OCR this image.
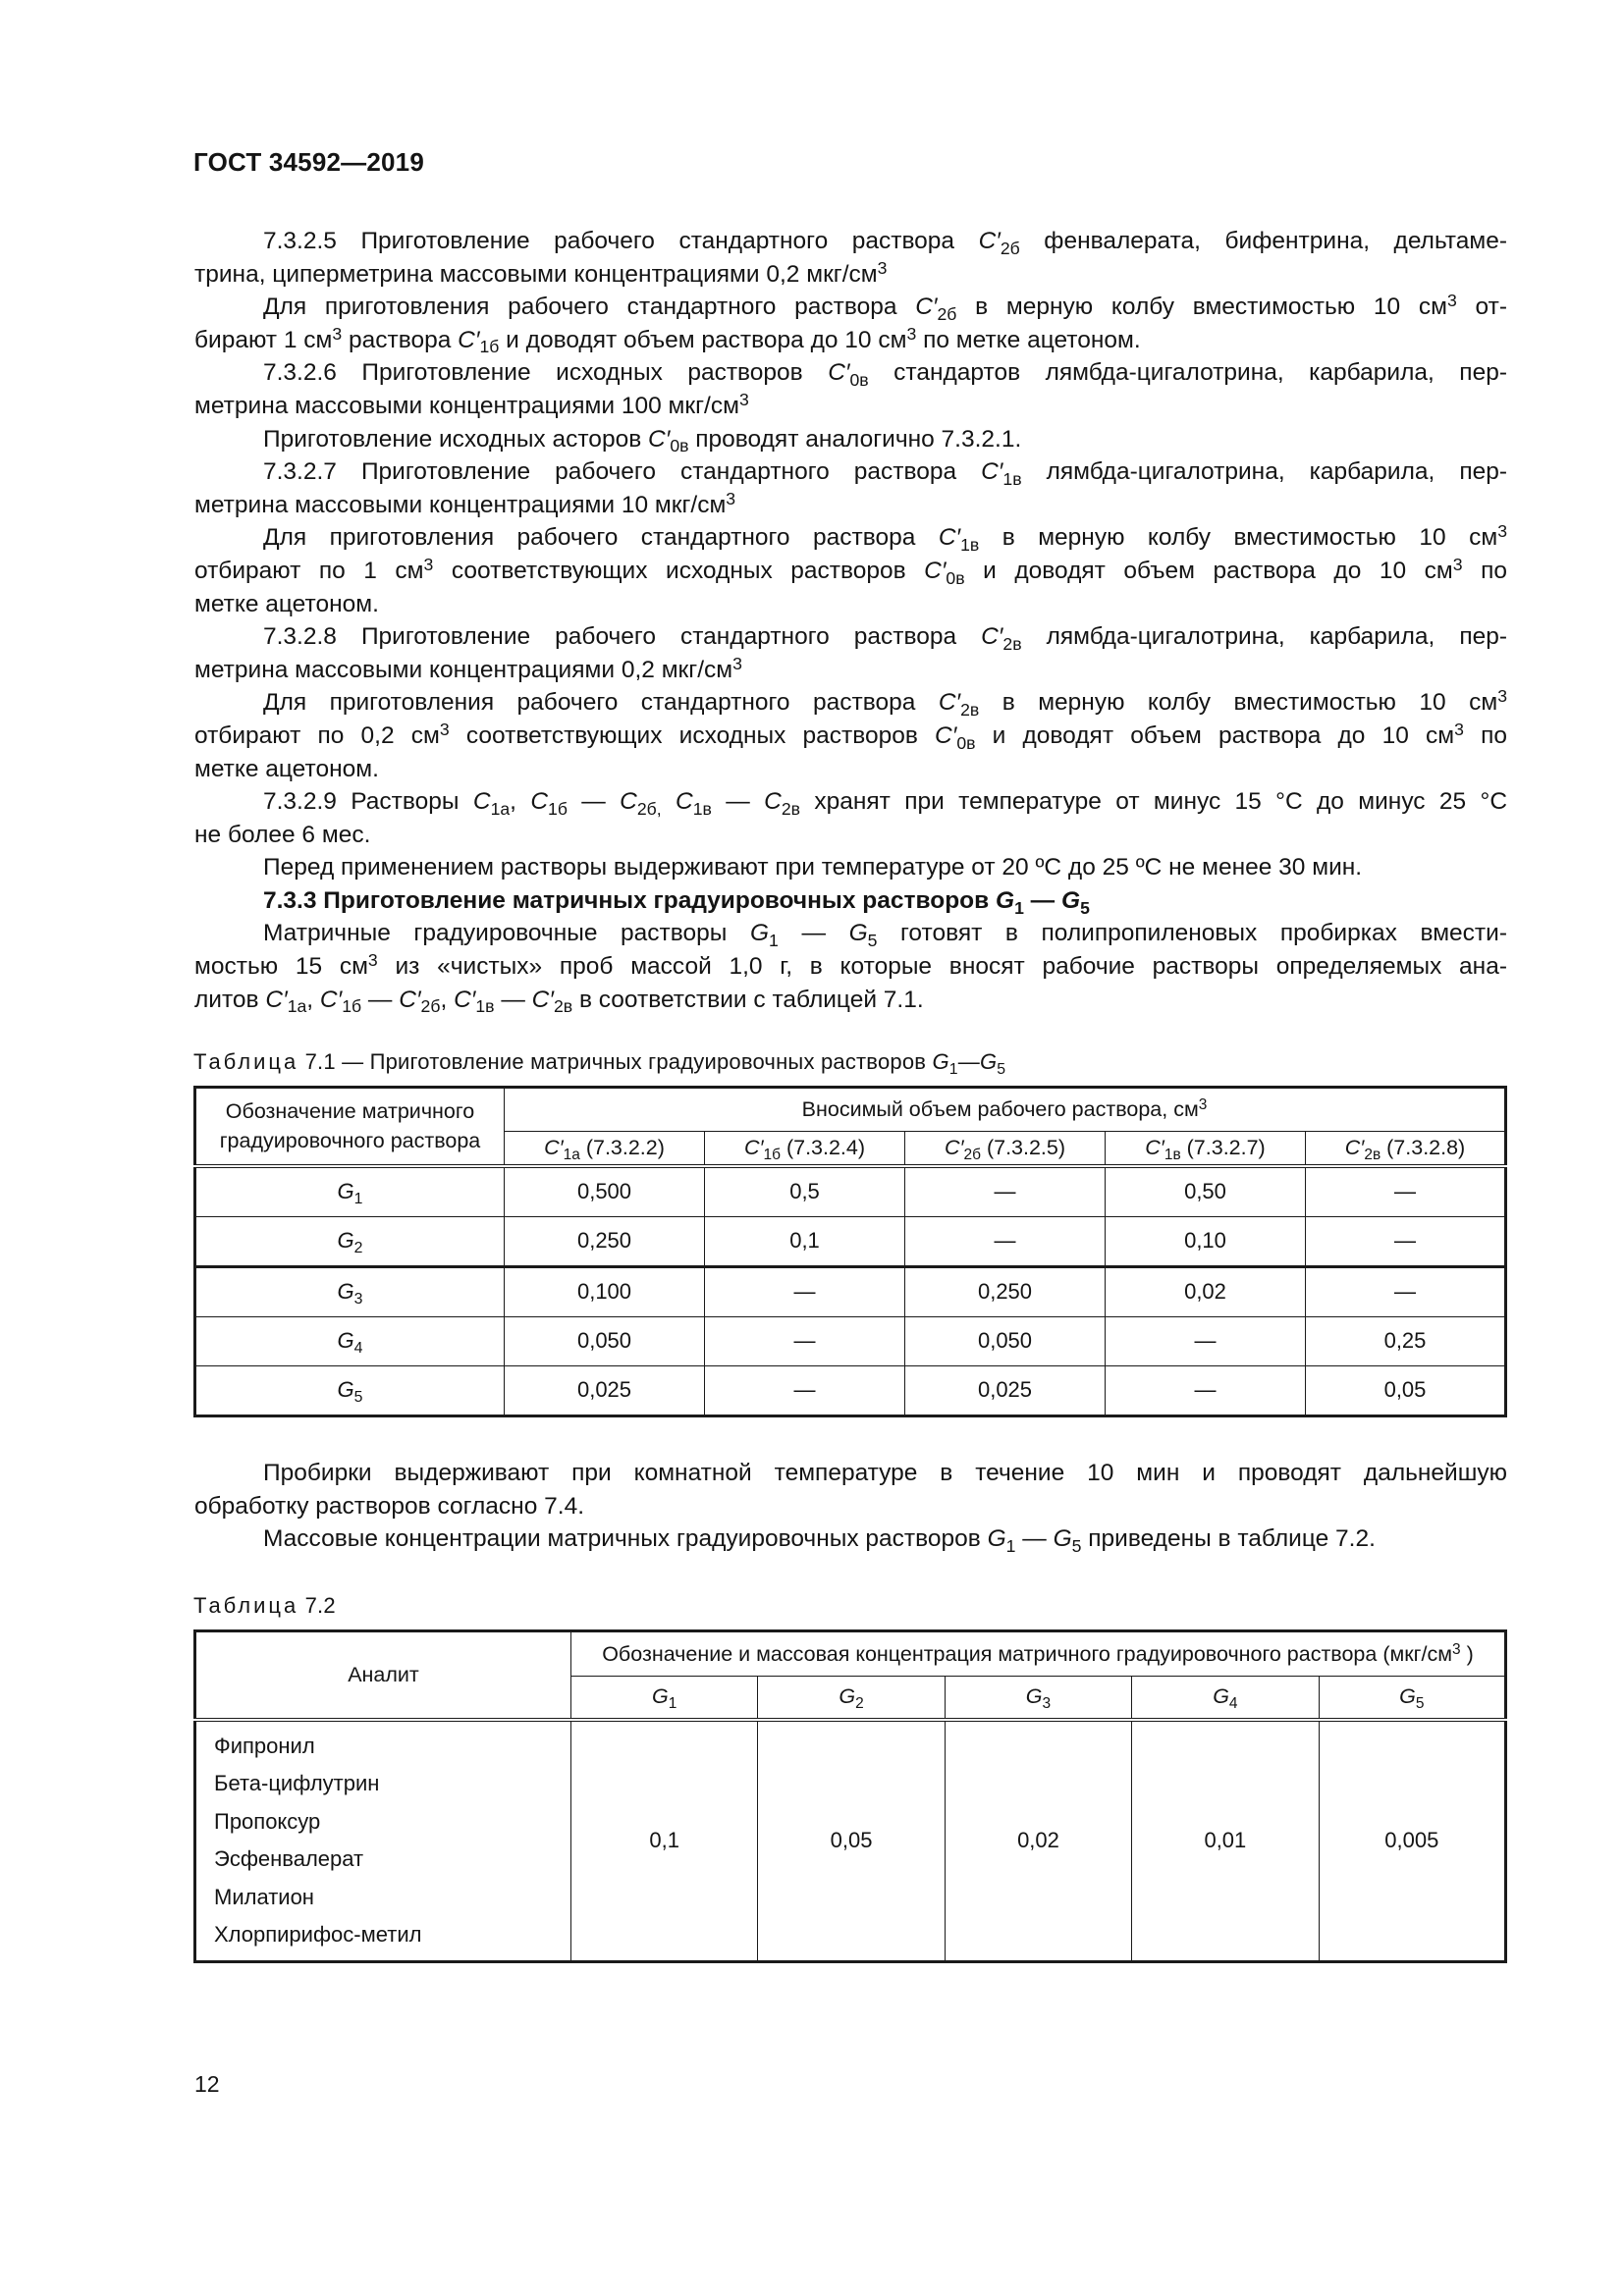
ГОСТ 34592—2019
7.3.2.5 Приготовление рабочего стандартного раствора $C'_{2б}$ фенвалерата, бифентрина, дельтаме-
трина, циперметрина массовыми концентрациями 0,2 мкг/$см^3$
Для приготовления рабочего стандартного раствора $C'_{2б}$ в мерную колбу вместимостью 10 $см^3$ от-
бирают 1 $см^3$ раствора $C'_{1б}$ и доводят объем раствора до 10 $см^3$ по метке ацетоном.
7.3.2.6 Приготовление исходных растворов $C'_{0в}$ стандартов лямбда-цигалотрина, карбарила, пер-
метрина массовыми концентрациями 100 мкг/$см^3$
Приготовление исходных асторов $C'_{0в}$ проводят аналогично 7.3.2.1.
7.3.2.7 Приготовление рабочего стандартного раствора $C'_{1в}$ лямбда-цигалотрина, карбарила, пер-
метрина массовыми концентрациями 10 мкг/$см^3$
Для приготовления рабочего стандартного раствора $C'_{1в}$ в мерную колбу вместимостью 10 $см^3$
отбирают по 1 $см^3$ соответствующих исходных растворов $C'_{0в}$ и доводят объем раствора до 10 $см^3$ по
метке ацетоном.
7.3.2.8 Приготовление рабочего стандартного раствора $C'_{2в}$ лямбда-цигалотрина, карбарила, пер-
метрина массовыми концентрациями 0,2 мкг/$см^3$
Для приготовления рабочего стандартного раствора $C'_{2в}$ в мерную колбу вместимостью 10 $см^3$
отбирают по 0,2 $см^3$ соответствующих исходных растворов $C'_{0в}$ и доводят объем раствора до 10 $см^3$ по
метке ацетоном.
7.3.2.9 Растворы $C_{1а}$, $C_{1б}$ — $C_{2б,}$ $C_{1в}$ — $C_{2в}$ хранят при температуре от минус 15 °C до минус 25 °C
не более 6 мес.
Перед применением растворы выдерживают при температуре от 20 ºС до 25 ºС не менее 30 мин.
7.3.3 Приготовление матричных градуировочных растворов $G_1$ — $G_5$
Матричные градуировочные растворы $G_1$ — $G_5$ готовят в полипропиленовых пробирках вмести-
мостью 15 $см^3$ из «чистых» проб массой 1,0 г, в которые вносят рабочие растворы определяемых ана-
литов $C'_{1а}$, $C'_{1б}$ — $C'_{2б}$, $C'_{1в}$ — $C'_{2в}$ в соответствии с таблицей 7.1.
Таблица 7.1 — Приготовление матричных градуировочных растворов $G_1—G_5$
Обозначение матричного градуировочного раствора	Вносимый объем рабочего раствора, $см^3$
	$C'_{1а}$ (7.3.2.2)	$C'_{1б}$ (7.3.2.4)	$C'_{2б}$ (7.3.2.5)	$C'_{1в}$ (7.3.2.7)	$C'_{2в}$ (7.3.2.8)
$G_1$	0,500	0,5	—	0,50	—
$G_2$	0,250	0,1	—	0,10	—
$G_3$	0,100	—	0,250	0,02	—
$G_4$	0,050	—	0,050	—	0,25
$G_5$	0,025	—	0,025	—	0,05
Пробирки выдерживают при комнатной температуре в течение 10 мин и проводят дальнейшую
обработку растворов согласно 7.4.
Массовые концентрации матричных градуировочных растворов $G_1$ — $G_5$ приведены в таблице 7.2.
Таблица 7.2
Аналит	Обозначение и массовая концентрация матричного градуировочного раствора ($мкг/см^3$ )				
	$G_1$	$G_2$	$G_3$	$G_4$	$G_5$

Фипронил
Бета-цифлутрин
Пропоксур
Эсфенвалерат
Милатион
Хлорпирифос-метил
	0,1	0,05	0,02	0,01	0,005
12
